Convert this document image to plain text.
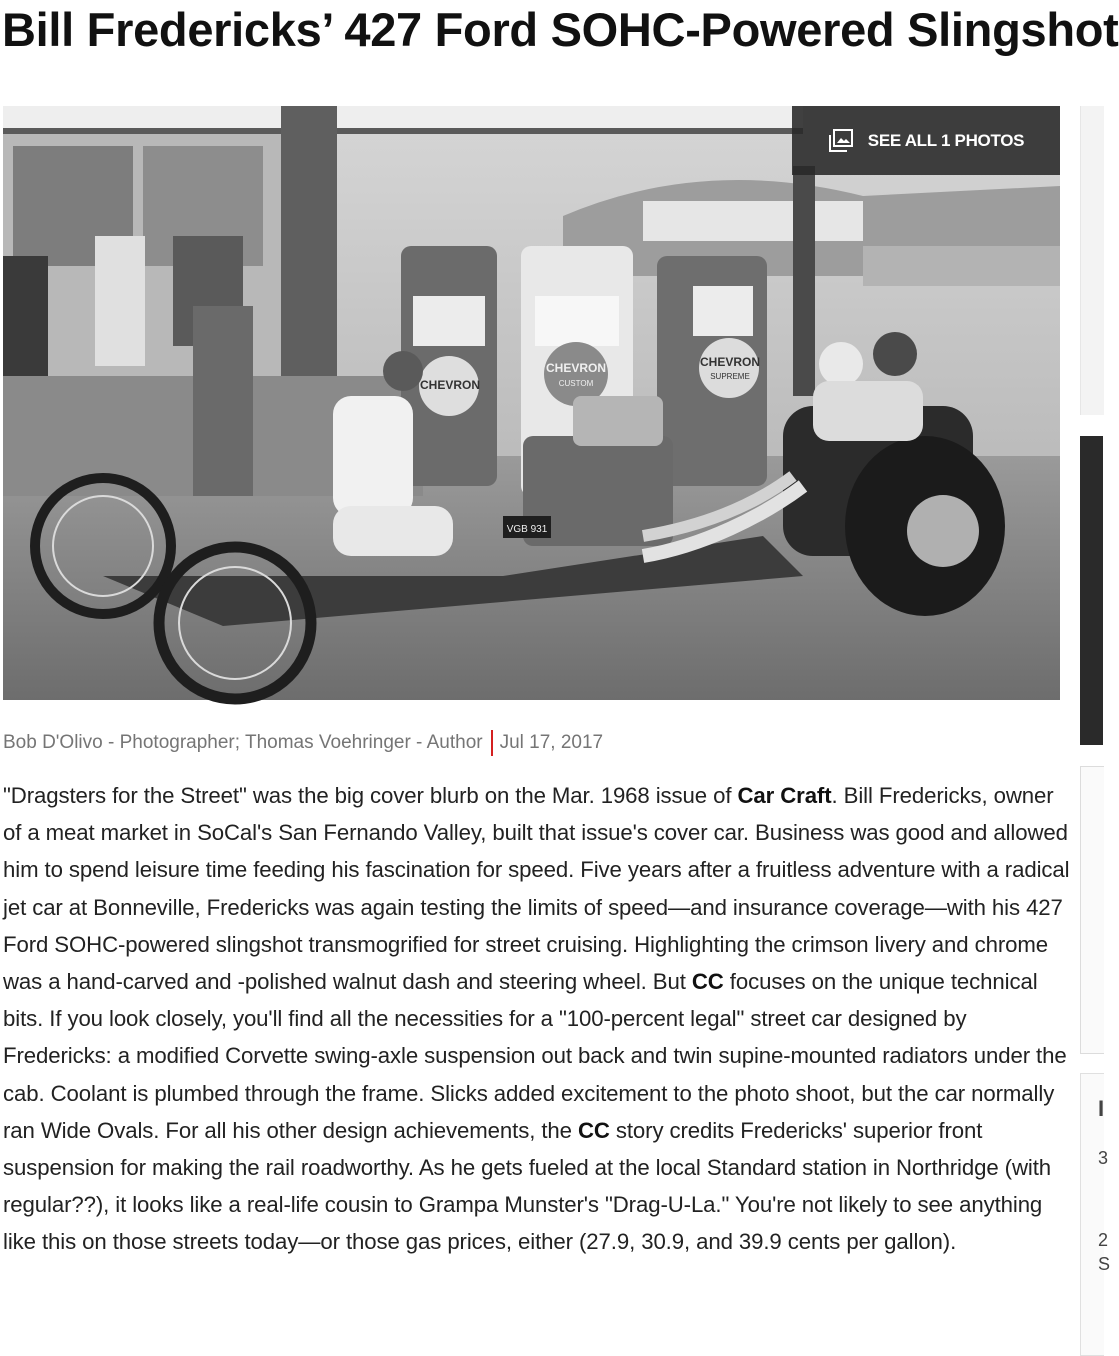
Bill Fredericks’ 427 Ford SOHC-Powered Slingshot
CHEVRON
CHEVRON
CUSTOM
CHEVRON
SUPREME
VGB 931
SEE ALL 1 PHOTOS
Bob D'Olivo - Photographer; Thomas Voehringer - Author Jul 17, 2017

"Dragsters for the Street" was the big cover blurb on the Mar. 1968 issue of Car Craft. Bill Fredericks, owner of a meat market in SoCal's San Fernando Valley, built that issue's cover car. Business was good and allowed him to spend leisure time feeding his fascination for speed. Five years after a fruitless adventure with a radical jet car at Bonneville, Fredericks was again testing the limits of speed—and insurance coverage—with his 427 Ford SOHC-powered slingshot transmogrified for street cruising. Highlighting the crimson livery and chrome was a hand-carved and -polished walnut dash and steering wheel. But CC focuses on the unique technical bits. If you look closely, you'll find all the necessities for a "100-percent legal" street car designed by Fredericks: a modified Corvette swing-axle suspension out back and twin supine-mounted radiators under the cab. Coolant is plumbed through the frame. Slicks added excitement to the photo shoot, but the car normally ran Wide Ovals. For all his other design achievements, the CC story credits Fredericks' superior front suspension for making the rail roadworthy. As he gets fueled at the local Standard station in Northridge (with regular??), it looks like a real-life cousin to Grampa Munster's "Drag-U-La." You're not likely to see anything like this on those streets today—or those gas prices, either (27.9, 30.9, and 39.9 cents per gallon).

I
3
2
S
